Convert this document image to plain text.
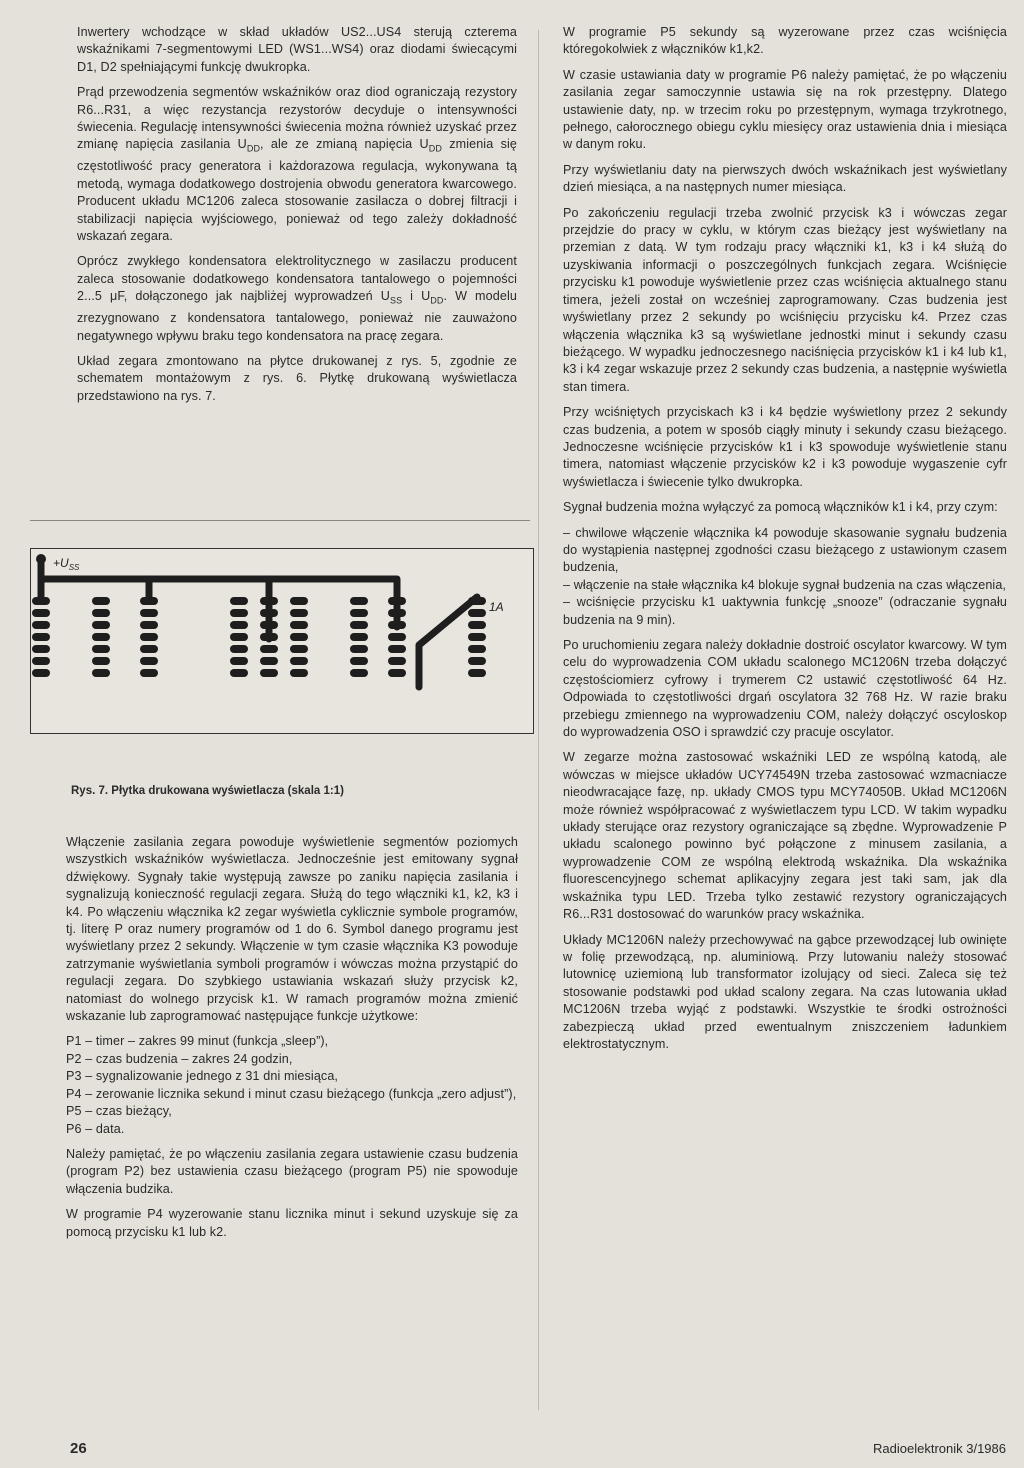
Inwertery wchodzące w skład układów US2...US4 sterują czterema wskaźnikami 7-segmentowymi LED (WS1...WS4) oraz diodami świecącymi D1, D2 spełniającymi funkcję dwukropka.

Prąd przewodzenia segmentów wskaźników oraz diod ograniczają rezystory R6...R31, a więc rezystancja rezystorów decyduje o intensywności świecenia. Regulację intensywności świecenia można również uzyskać przez zmianę napięcia zasilania $U_{DD}$, ale ze zmianą napięcia $U_{DD}$ zmienia się częstotliwość pracy generatora i każdorazowa regulacja, wykonywana tą metodą, wymaga dodatkowego dostrojenia obwodu generatora kwarcowego. Producent układu MC1206 zaleca stosowanie zasilacza o dobrej filtracji i stabilizacji napięcia wyjściowego, ponieważ od tego zależy dokładność wskazań zegara.

Oprócz zwykłego kondensatora elektrolitycznego w zasilaczu producent zaleca stosowanie dodatkowego kondensatora tantalowego o pojemności 2...5 μF, dołączonego jak najbliżej wyprowadzeń $U_{SS}$ i $U_{DD}$. W modelu zrezygnowano z kondensatora tantalowego, ponieważ nie zauważono negatywnego wpływu braku tego kondensatora na pracę zegara.

Układ zegara zmontowano na płytce drukowanej z rys. 5, zgodnie ze schematem montażowym z rys. 6. Płytkę drukowaną wyświetlacza przedstawiono na rys. 7.

$+U_{SS}$
1A
Rys. 7. Płytka drukowana wyświetlacza (skala 1:1)

Włączenie zasilania zegara powoduje wyświetlenie segmentów poziomych wszystkich wskaźników wyświetlacza. Jednocześnie jest emitowany sygnał dźwiękowy. Sygnały takie występują zawsze po zaniku napięcia zasilania i sygnalizują konieczność regulacji zegara. Służą do tego włączniki k1, k2, k3 i k4. Po włączeniu włącznika k2 zegar wyświetla cyklicznie symbole programów, tj. literę P oraz numery programów od 1 do 6. Symbol danego programu jest wyświetlany przez 2 sekundy. Włączenie w tym czasie włącznika K3 powoduje zatrzymanie wyświetlania symboli programów i wówczas można przystąpić do regulacji zegara. Do szybkiego ustawiania wskazań służy przycisk k2, natomiast do wolnego przycisk k1. W ramach programów można zmienić wskazanie lub zaprogramować następujące funkcje użytkowe:

P1 – timer – zakres 99 minut (funkcja „sleep”),
P2 – czas budzenia – zakres 24 godzin,
P3 – sygnalizowanie jednego z 31 dni miesiąca,
P4 – zerowanie licznika sekund i minut czasu bieżącego (funkcja „zero adjust”),
P5 – czas bieżący,
P6 – data.

Należy pamiętać, że po włączeniu zasilania zegara ustawienie czasu budzenia (program P2) bez ustawienia czasu bieżącego (program P5) nie spowoduje włączenia budzika.

W programie P4 wyzerowanie stanu licznika minut i sekund uzyskuje się za pomocą przycisku k1 lub k2.

W programie P5 sekundy są wyzerowane przez czas wciśnięcia któregokolwiek z włączników k1,k2.

W czasie ustawiania daty w programie P6 należy pamiętać, że po włączeniu zasilania zegar samoczynnie ustawia się na rok przestępny. Dlatego ustawienie daty, np. w trzecim roku po przestępnym, wymaga trzykrotnego, pełnego, całorocznego obiegu cyklu miesięcy oraz ustawienia dnia i miesiąca w danym roku.

Przy wyświetlaniu daty na pierwszych dwóch wskaźnikach jest wyświetlany dzień miesiąca, a na następnych numer miesiąca.

Po zakończeniu regulacji trzeba zwolnić przycisk k3 i wówczas zegar przejdzie do pracy w cyklu, w którym czas bieżący jest wyświetlany na przemian z datą. W tym rodzaju pracy włączniki k1, k3 i k4 służą do uzyskiwania informacji o poszczególnych funkcjach zegara. Wciśnięcie przycisku k1 powoduje wyświetlenie przez czas wciśnięcia aktualnego stanu timera, jeżeli został on wcześniej zaprogramowany. Czas budzenia jest wyświetlany przez 2 sekundy po wciśnięciu przycisku k4. Przez czas włączenia włącznika k3 są wyświetlane jednostki minut i sekundy czasu bieżącego. W wypadku jednoczesnego naciśnięcia przycisków k1 i k4 lub k1, k3 i k4 zegar wskazuje przez 2 sekundy czas budzenia, a następnie wyświetla stan timera.

Przy wciśniętych przyciskach k3 i k4 będzie wyświetlony przez 2 sekundy czas budzenia, a potem w sposób ciągły minuty i sekundy czasu bieżącego. Jednoczesne wciśnięcie przycisków k1 i k3 spowoduje wyświetlenie stanu timera, natomiast włączenie przycisków k2 i k3 powoduje wygaszenie cyfr wyświetlacza i świecenie tylko dwukropka.

Sygnał budzenia można wyłączyć za pomocą włączników k1 i k4, przy czym:

– chwilowe włączenie włącznika k4 powoduje skasowanie sygnału budzenia do wystąpienia następnej zgodności czasu bieżącego z ustawionym czasem budzenia,
– włączenie na stałe włącznika k4 blokuje sygnał budzenia na czas włączenia,
– wciśnięcie przycisku k1 uaktywnia funkcję „snooze” (odraczanie sygnału budzenia na 9 min).

Po uruchomieniu zegara należy dokładnie dostroić oscylator kwarcowy. W tym celu do wyprowadzenia COM układu scalonego MC1206N trzeba dołączyć częstościomierz cyfrowy i trymerem C2 ustawić częstotliwość 64 Hz. Odpowiada to częstotliwości drgań oscylatora 32 768 Hz. W razie braku przebiegu zmiennego na wyprowadzeniu COM, należy dołączyć oscyloskop do wyprowadzenia OSO i sprawdzić czy pracuje oscylator.

W zegarze można zastosować wskaźniki LED ze wspólną katodą, ale wówczas w miejsce układów UCY74549N trzeba zastosować wzmacniacze nieodwracające fazę, np. układy CMOS typu MCY74050B. Układ MC1206N może również współpracować z wyświetlaczem typu LCD. W takim wypadku układy sterujące oraz rezystory ograniczające są zbędne. Wyprowadzenie P układu scalonego powinno być połączone z minusem zasilania, a wyprowadzenie COM ze wspólną elektrodą wskaźnika. Dla wskaźnika fluorescencyjnego schemat aplikacyjny zegara jest taki sam, jak dla wskaźnika typu LED. Trzeba tylko zestawić rezystory ograniczających R6...R31 dostosować do warunków pracy wskaźnika.

Układy MC1206N należy przechowywać na gąbce przewodzącej lub owinięte w folię przewodzącą, np. aluminiową. Przy lutowaniu należy stosować lutownicę uziemioną lub transformator izolujący od sieci. Zaleca się też stosowanie podstawki pod układ scalony zegara. Na czas lutowania układ MC1206N trzeba wyjąć z podstawki. Wszystkie te środki ostrożności zabezpieczą układ przed ewentualnym zniszczeniem ładunkiem elektrostatycznym.

26	Radioelektronik 3/1986
